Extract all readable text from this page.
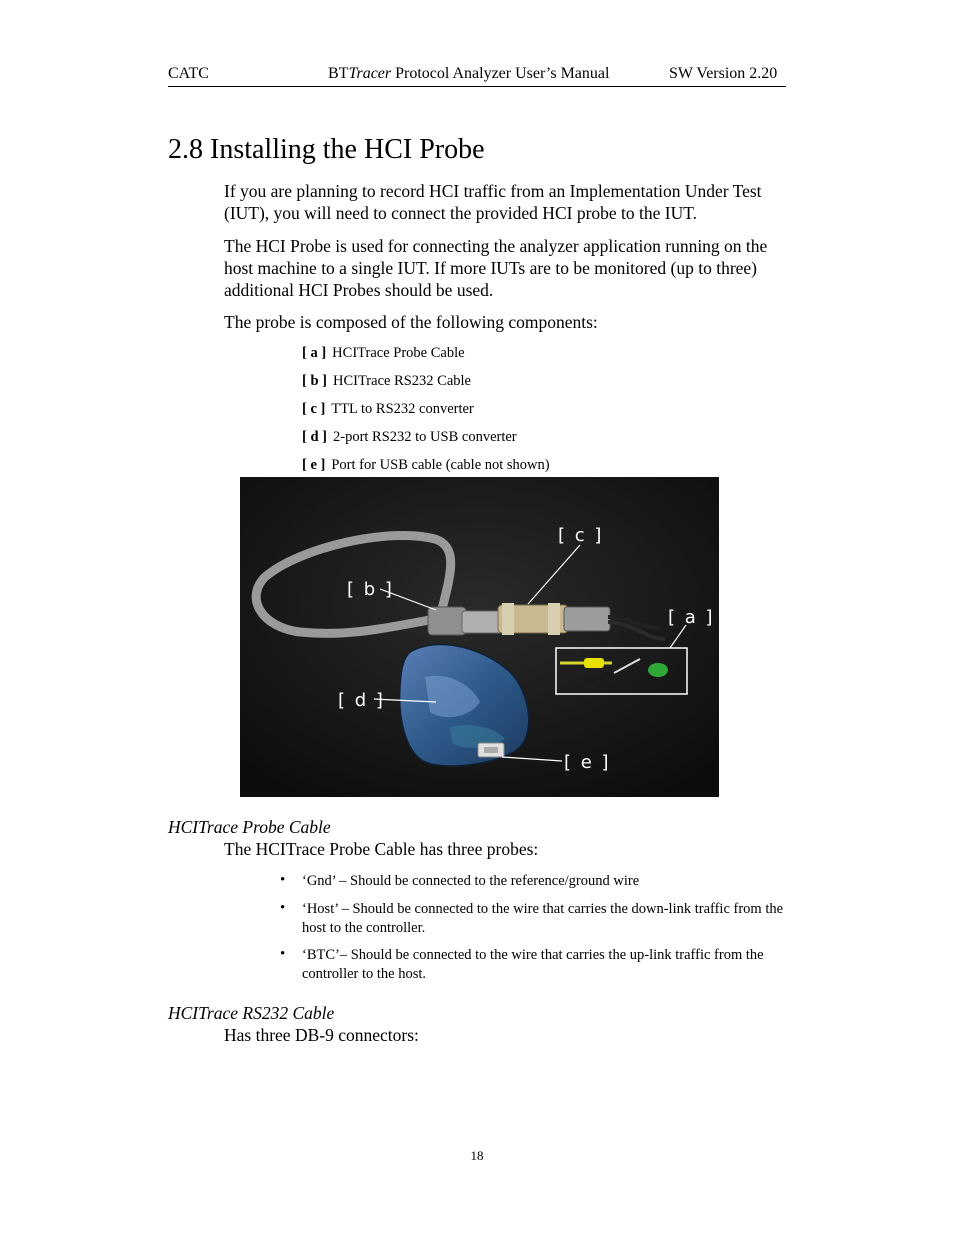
CATC	BTTracer Protocol Analyzer User’s Manual	SW Version 2.20
2.8 Installing the HCI Probe
If you are planning to record HCI traffic from an Implementation Under Test (IUT), you will need to connect the provided HCI probe to the IUT.
The HCI Probe is used for connecting the analyzer application running on the host machine to a single IUT. If more IUTs are to be monitored (up to three) additional HCI Probes should be used.
The probe is composed of the following components:
[ a ] HCITrace Probe Cable
[ b ] HCITrace RS232 Cable
[ c ] TTL to RS232 converter
[ d ] 2-port RS232 to USB converter
[ e ] Port for USB cable (cable not shown)
[ a ]
[ b ]
[ c ]
[ d ]
[ e ]
HCITrace Probe Cable
The HCITrace Probe Cable has three probes:
• ‘Gnd’ – Should be connected to the reference/ground wire
• ‘Host’ – Should be connected to the wire that carries the down-link traffic from the host to the controller.
• ‘BTC’– Should be connected to the wire that carries the up-link traffic from the controller to the host.
HCITrace RS232 Cable
Has three DB-9 connectors:
18
